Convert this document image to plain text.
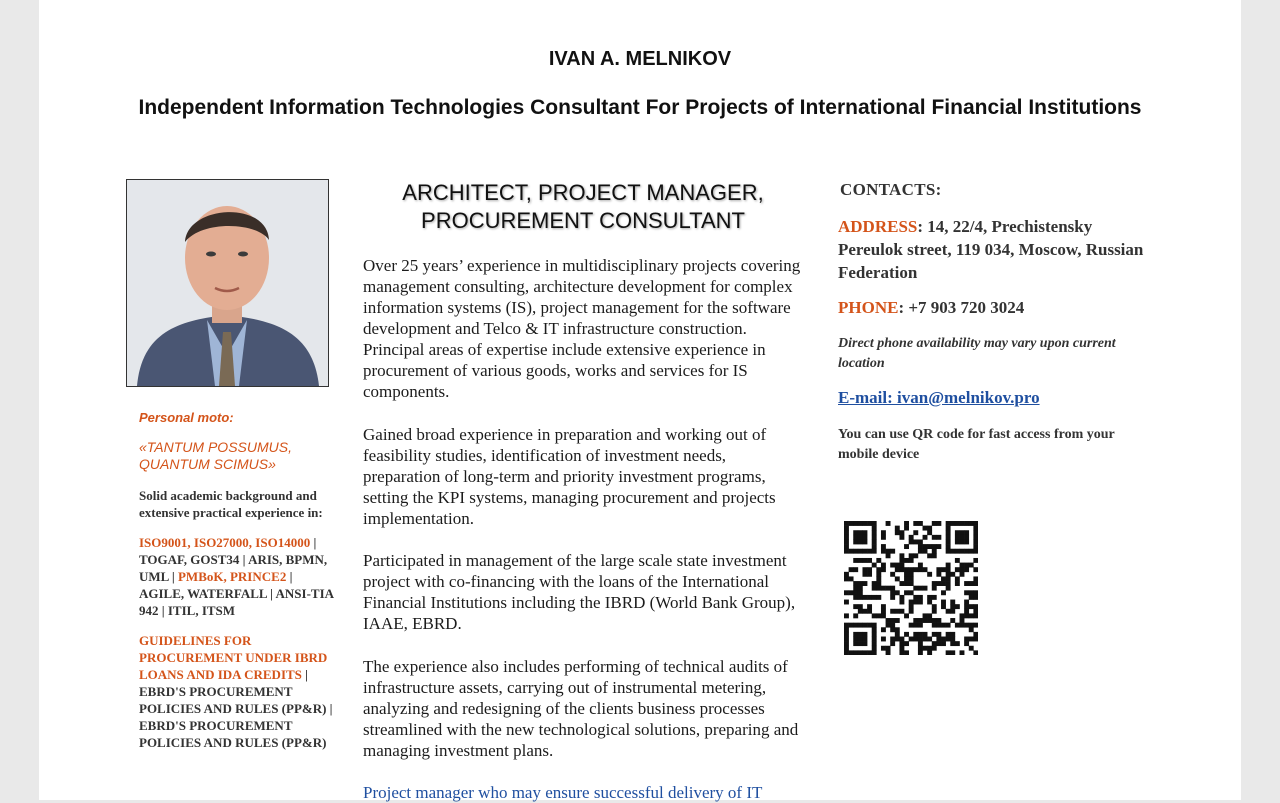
IVAN A. MELNIKOV
Independent Information Technologies Consultant For Projects of International Financial Institutions
Personal moto:
«TANTUM POSSUMUS, QUANTUM SCIMUS»
Solid academic background and extensive practical experience in:
ISO9001, ISO27000, ISO14000 | TOGAF, GOST34 | ARIS, BPMN, UML | PMBoK, PRINCE2 | AGILE, WATERFALL | ANSI-TIA 942 | ITIL, ITSM
GUIDELINES FOR PROCUREMENT UNDER IBRD LOANS AND IDA CREDITS | EBRD'S PROCUREMENT POLICIES AND RULES (PP&R) | EBRD'S PROCUREMENT POLICIES AND RULES (PP&R)
ARCHITECT, PROJECT MANAGER, PROCUREMENT CONSULTANT
Over 25 years’ experience in multidisciplinary projects covering management consulting, architecture development for complex information systems (IS), project management for the software development and Telco & IT infrastructure construction. Principal areas of expertise include extensive experience in procurement of various goods, works and services for IS components.
Gained broad experience in preparation and working out of feasibility studies, identification of investment needs, preparation of long-term and priority investment programs, setting the KPI systems, managing procurement and projects implementation.
Participated in management of the large scale state investment project with co-financing with the loans of the International Financial Institutions including the IBRD (World Bank Group), IAAE, EBRD.
The experience also includes performing of technical audits of infrastructure assets, carrying out of instrumental metering, analyzing and redesigning of the clients business processes streamlined with the new technological solutions, preparing and managing investment plans.
Project manager who may ensure successful delivery of IT
CONTACTS:
ADDRESS: 14, 22/4, Prechistensky Pereulok street, 119 034, Moscow, Russian Federation
PHONE: +7 903 720 3024
Direct phone availability may vary upon current location
E-mail: ivan@melnikov.pro
You can use QR code for fast access from your mobile device
